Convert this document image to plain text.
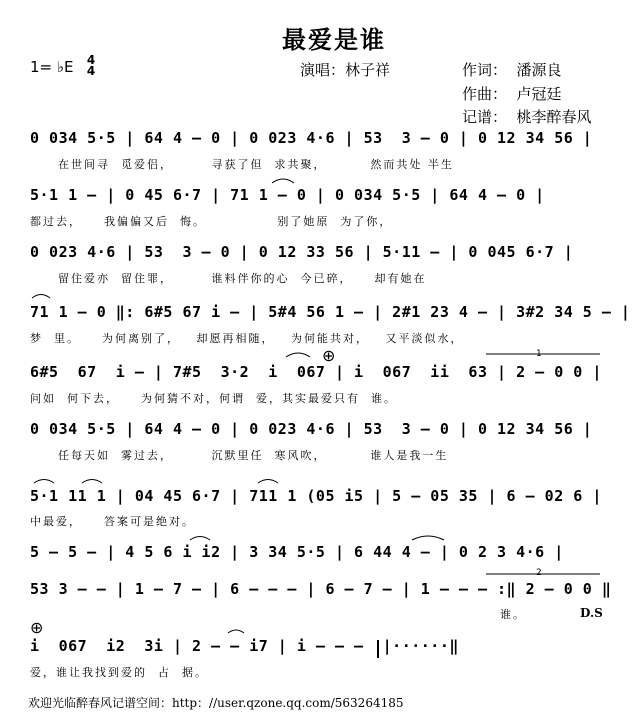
最爱是谁
1= ♭E 4
4	演唱：林子祥	作词：  潘源良
作曲：  卢冠廷
记谱：  桃李醉春风
0 034 5·5 | 64 4 – 0 | 0 023 4·6 | 53  3 – 0 | 0 12 34 56 |
在世间寻  觅爱侣，       寻获了但  求共聚，        然而共处 半生
5·1 1 – | 0 45 6·7 | 71 1 – 0 | 0 034 5·5 | 64 4 – 0 |
都过去，    我偏偏又后  悔。             别了她原  为了你，
0 023 4·6 | 53  3 – 0 | 0 12 33 56 | 5·11 – | 0 045 6·7 |
留住爱亦  留住罪，       谁料伴你的心  今已碎，    却有她在
71 1 – 0 ‖: 6#5 67 i – | 5#4 56 1 – | 2#1 23 4 – | 3#2 34 5 – |
梦  里。    为何离别了，   却愿再相随，   为何能共对，   又平淡似水，
1
6#5  67  i – | 7#5  3·2  i  067 | i  067  ii  63 | 2 – 0 0 |
问如  何下去，    为何猜不对，何谓  爱，其实最爱只有  谁。
0 034 5·5 | 64 4 – 0 | 0 023 4·6 | 53  3 – 0 | 0 12 34 56 |
任每天如  雾过去，       沉默里任  寒风吹，        谁人是我一生
5·1 11 1 | 04 45 6·7 | 711 1 (05 i5 | 5 – 05 35 | 6 – 02 6 |
中最爱，    答案可是绝对。
5 – 5 – | 4 5 6 i i2 | 3 34 5·5 | 6 44 4 – | 0 2 3 4·6 |
2
53 3 – – | 1 – 7 – | 6 – – – | 6 – 7 – | 1 – – – :‖ 2 – 0 0 ‖
谁。	D.S
⊕
i  067  i2  3i | 2 – – i7 | i – – –  |······‖
爱，谁让我找到爱的  占  据。
⊕
欢迎光临醉春风记谱空间：http：//user.qzone.qq.com/563264185
